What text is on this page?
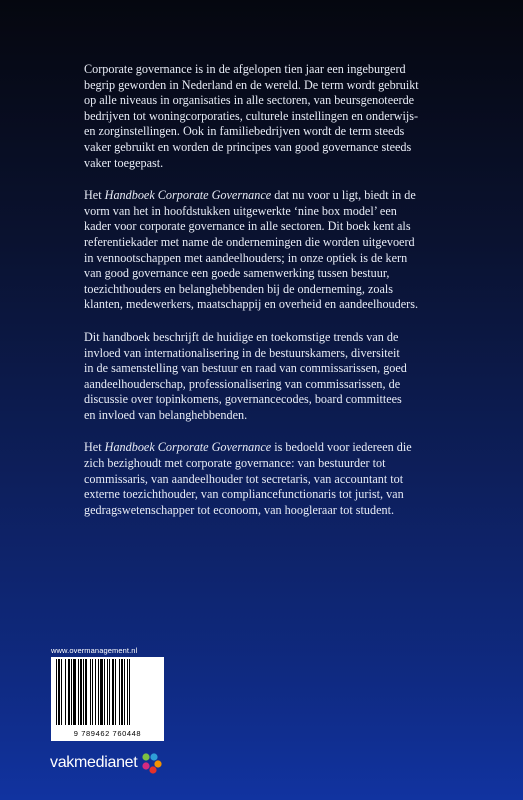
Corporate governance is in de afgelopen tien jaar een ingeburgerd
begrip geworden in Nederland en de wereld. De term wordt gebruikt
op alle niveaus in organisaties in alle sectoren, van beursgenoteerde
bedrijven tot woningcorporaties, culturele instellingen en onderwijs-
en zorginstellingen. Ook in familiebedrijven wordt de term steeds
vaker gebruikt en worden de principes van good governance steeds
vaker toegepast.
Het Handboek Corporate Governance dat nu voor u ligt, biedt in de
vorm van het in hoofdstukken uitgewerkte ‘nine box model’ een
kader voor corporate governance in alle sectoren. Dit boek kent als
referentiekader met name de ondernemingen die worden uitgevoerd
in vennootschappen met aandeelhouders; in onze optiek is de kern
van good governance een goede samenwerking tussen bestuur,
toezichthouders en belanghebbenden bij de onderneming, zoals
klanten, medewerkers, maatschappij en overheid en aandeelhouders.
Dit handboek beschrijft de huidige en toekomstige trends van de
invloed van internationalisering in de bestuurskamers, diversiteit
in de samenstelling van bestuur en raad van commissarissen, goed
aandeelhouderschap, professionalisering van commissarissen, de
discussie over topinkomens, governancecodes, board committees
en invloed van belanghebbenden.
Het Handboek Corporate Governance is bedoeld voor iedereen die
zich bezighoudt met corporate governance: van bestuurder tot
commissaris, van aandeelhouder tot secretaris, van accountant tot
externe toezichthouder, van compliancefunctionaris tot jurist, van
gedragswetenschapper tot econoom, van hoogleraar tot student.
www.overmanagement.nl
9 789462 760448
vakmedianet
